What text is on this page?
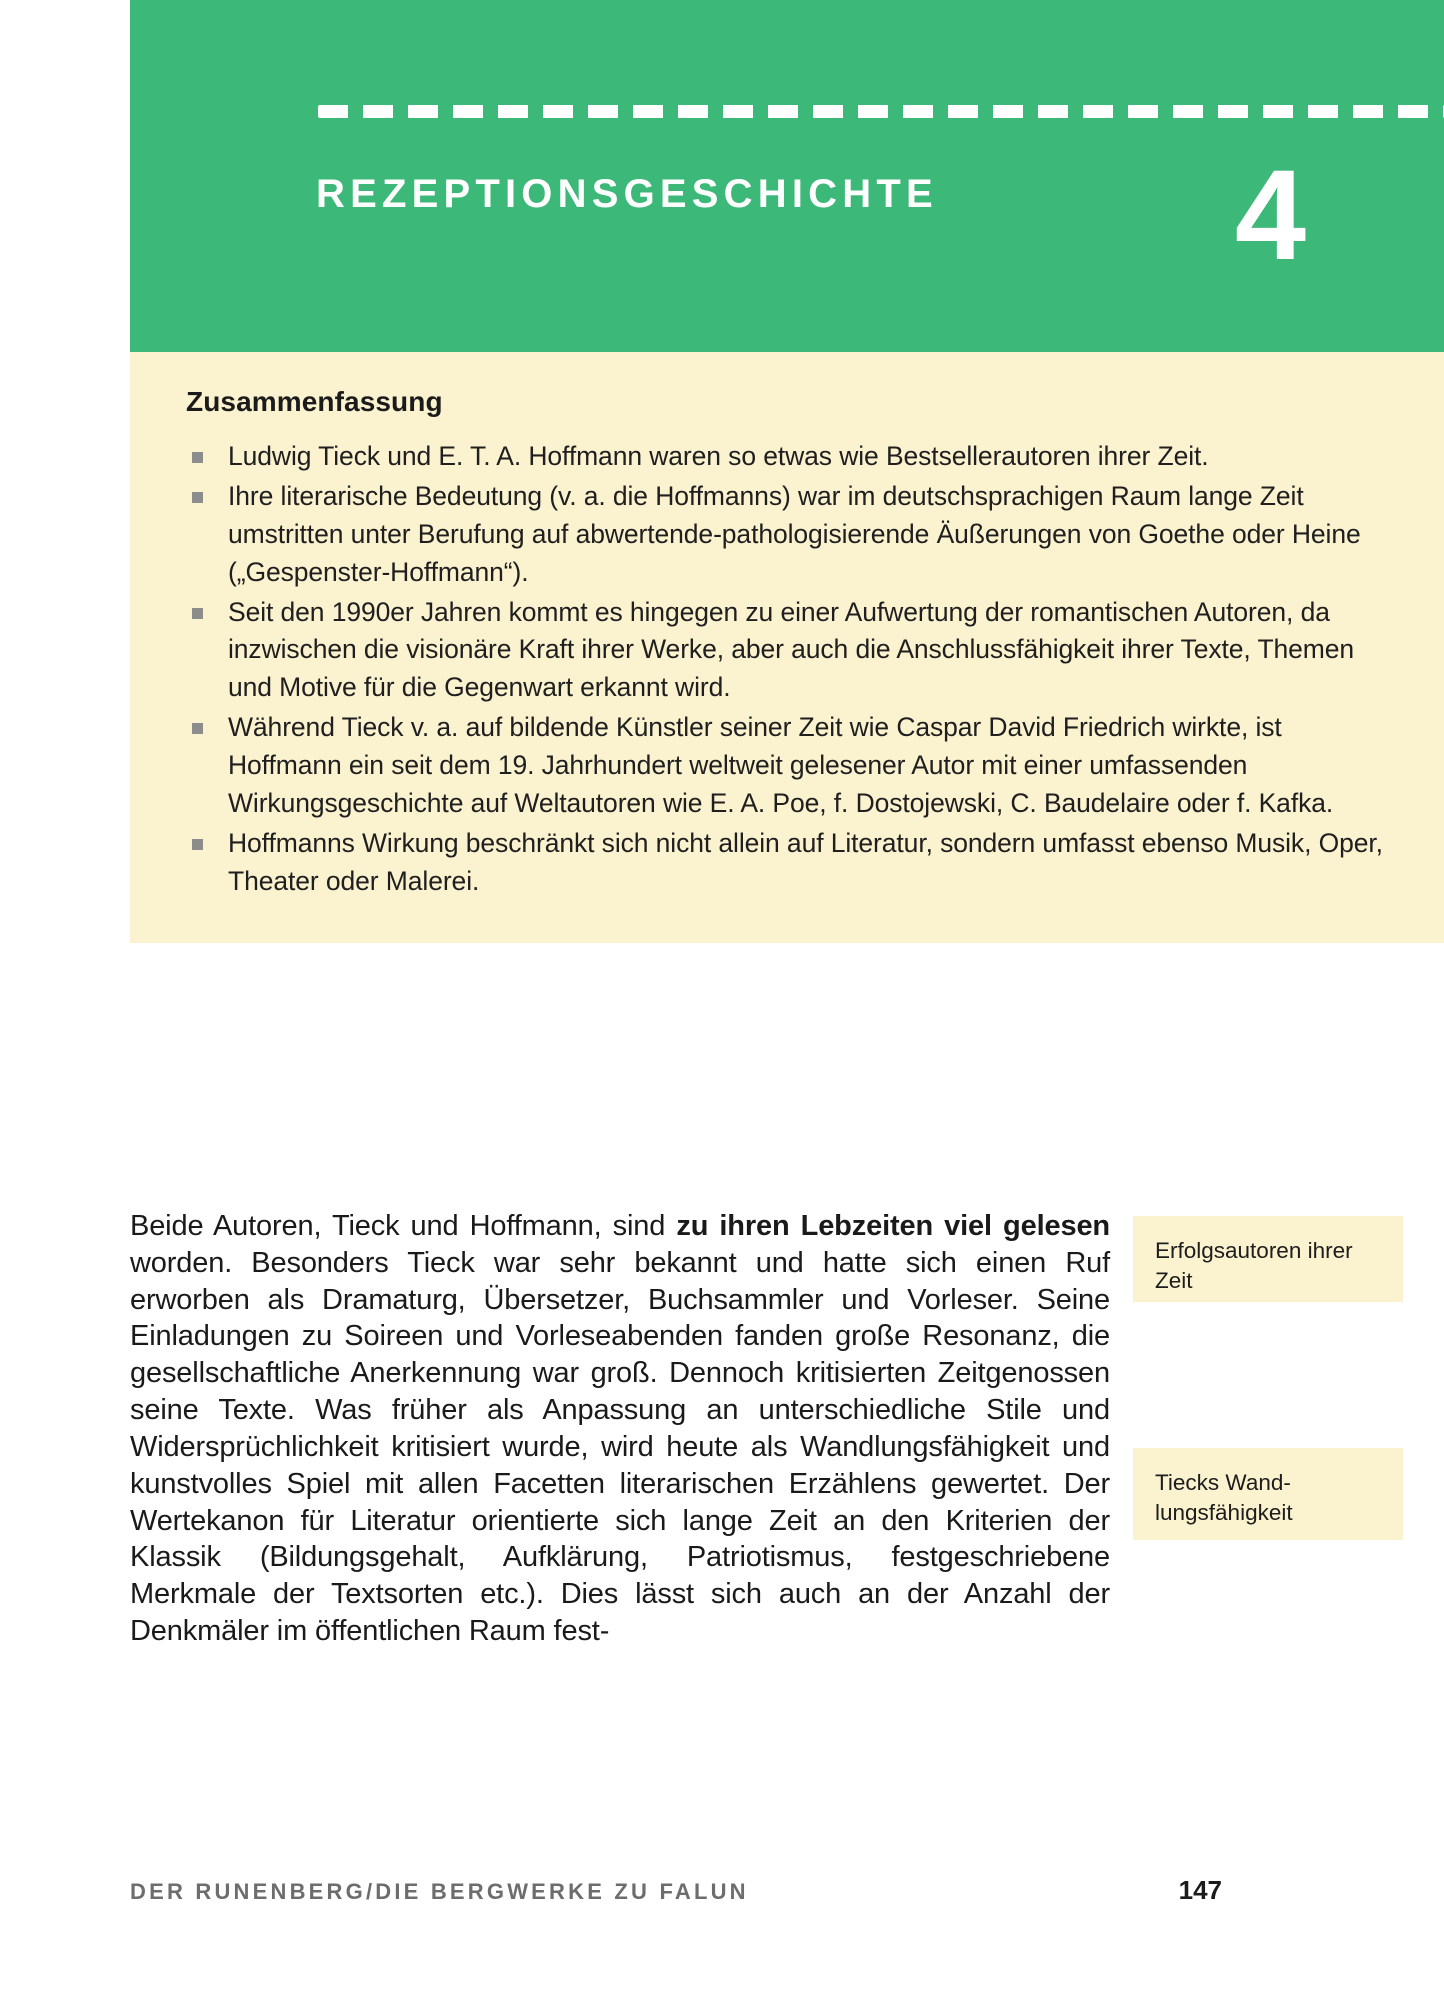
REZEPTIONSGESCHICHTE 4
Zusammenfassung
Ludwig Tieck und E. T. A. Hoffmann waren so etwas wie Bestsellerautoren ihrer Zeit.
Ihre literarische Bedeutung (v. a. die Hoffmanns) war im deutschsprachigen Raum lange Zeit umstritten unter Berufung auf abwertende-pathologisierende Äußerungen von Goethe oder Heine („Gespenster-Hoffmann“).
Seit den 1990er Jahren kommt es hingegen zu einer Aufwertung der romantischen Autoren, da inzwischen die visionäre Kraft ihrer Werke, aber auch die Anschlussfähigkeit ihrer Texte, Themen und Motive für die Gegenwart erkannt wird.
Während Tieck v. a. auf bildende Künstler seiner Zeit wie Caspar David Friedrich wirkte, ist Hoffmann ein seit dem 19. Jahrhundert weltweit gelesener Autor mit einer umfassenden Wirkungsgeschichte auf Weltautoren wie E. A. Poe, f. Dostojewski, C. Baudelaire oder f. Kafka.
Hoffmanns Wirkung beschränkt sich nicht allein auf Literatur, sondern umfasst ebenso Musik, Oper, Theater oder Malerei.

Beide Autoren, Tieck und Hoffmann, sind zu ihren Lebzeiten viel gelesen worden. Besonders Tieck war sehr bekannt und hatte sich einen Ruf erworben als Dramaturg, Übersetzer, Buchsammler und Vorleser. Seine Einladungen zu Soireen und Vorleseabenden fanden große Resonanz, die gesellschaftliche Anerkennung war groß. Dennoch kritisierten Zeitgenossen seine Texte. Was früher als Anpassung an unterschiedliche Stile und Widersprüchlichkeit kritisiert wurde, wird heute als Wandlungsfähigkeit und kunstvolles Spiel mit allen Facetten literarischen Erzählens gewertet. Der Wertekanon für Literatur orientierte sich lange Zeit an den Kriterien der Klassik (Bildungsgehalt, Aufklärung, Patriotismus, festgeschriebene Merkmale der Textsorten etc.). Dies lässt sich auch an der Anzahl der Denkmäler im öffentlichen Raum fest-

Erfolgsautoren ihrer Zeit
Tiecks Wand- lungsfähigkeit
DER RUNENBERG/DIE BERGWERKE ZU FALUN	147
